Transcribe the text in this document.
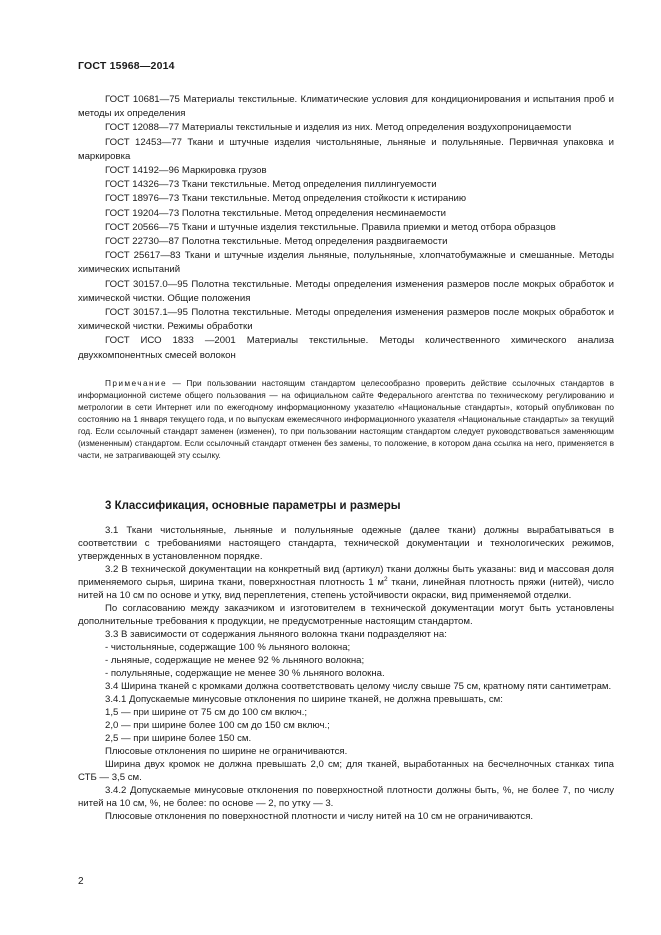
ГОСТ 15968—2014

ГОСТ 10681—75 Материалы текстильные. Климатические условия для кондиционирования и испытания проб и методы их определения

ГОСТ 12088—77 Материалы текстильные и изделия из них. Метод определения воздухопроницаемости

ГОСТ 12453—77 Ткани и штучные изделия чистольняные, льняные и полульняные. Первичная упаковка и маркировка

ГОСТ 14192—96 Маркировка грузов

ГОСТ 14326—73 Ткани текстильные. Метод определения пиллингуемости

ГОСТ 18976—73 Ткани текстильные. Метод определения стойкости к истиранию

ГОСТ 19204—73 Полотна текстильные. Метод определения несминаемости

ГОСТ 20566—75 Ткани и штучные изделия текстильные. Правила приемки и метод отбора образцов

ГОСТ 22730—87 Полотна текстильные. Метод определения раздвигаемости

ГОСТ 25617—83 Ткани и штучные изделия льняные, полульняные, хлопчатобумажные и смешанные. Методы химических испытаний

ГОСТ 30157.0—95 Полотна текстильные. Методы определения изменения размеров после мокрых обработок и химической чистки. Общие положения

ГОСТ 30157.1—95 Полотна текстильные. Методы определения изменения размеров после мокрых обработок и химической чистки. Режимы обработки

ГОСТ ИСО 1833 —2001 Материалы текстильные. Методы количественного химического анализа двухкомпонентных смесей волокон

Примечание — При пользовании настоящим стандартом целесообразно проверить действие ссылочных стандартов в информационной системе общего пользования — на официальном сайте Федерального агентства по техническому регулированию и метрологии в сети Интернет или по ежегодному информационному указателю «Национальные стандарты», который опубликован по состоянию на 1 января текущего года, и по выпускам ежемесячного информационного указателя «Национальные стандарты» за текущий год. Если ссылочный стандарт заменен (изменен), то при пользовании настоящим стандартом следует руководствоваться заменяющим (измененным) стандартом. Если ссылочный стандарт отменен без замены, то положение, в котором дана ссылка на него, применяется в части, не затрагивающей эту ссылку.

3 Классификация, основные параметры и размеры

3.1 Ткани чистольняные, льняные и полульняные одежные (далее ткани) должны вырабатываться в соответствии с требованиями настоящего стандарта, технической документации и технологических режимов, утвержденных в установленном порядке.

3.2 В технической документации на конкретный вид (артикул) ткани должны быть указаны: вид и массовая доля применяемого сырья, ширина ткани, поверхностная плотность 1 $м^2$ ткани, линейная плотность пряжи (нитей), число нитей на 10 см по основе и утку, вид переплетения, степень устойчивости окраски, вид применяемой отделки.

По согласованию между заказчиком и изготовителем в технической документации могут быть установлены дополнительные требования к продукции, не предусмотренные настоящим стандартом.

3.3 В зависимости от содержания льняного волокна ткани подразделяют на:

- чистольняные, содержащие 100 % льняного волокна;

- льняные, содержащие не менее 92 % льняного волокна;

- полульняные, содержащие не менее 30 % льняного волокна.

3.4 Ширина тканей с кромками должна соответствовать целому числу свыше 75 см, кратному пяти сантиметрам.

3.4.1 Допускаемые минусовые отклонения по ширине тканей, не должна превышать, см:

1,5 — при ширине от 75 см до 100 см включ.;

2,0 — при ширине более 100 см до 150 см включ.;

2,5 — при ширине более 150 см.

Плюсовые отклонения по ширине не ограничиваются.

Ширина двух кромок не должна превышать 2,0 см; для тканей, выработанных на бесчелночных станках типа СТБ — 3,5 см.

3.4.2 Допускаемые минусовые отклонения по поверхностной плотности должны быть, %, не более 7, по числу нитей на 10 см, %, не более: по основе — 2, по утку — 3.

Плюсовые отклонения по поверхностной плотности и числу нитей на 10 см не ограничиваются.

2
